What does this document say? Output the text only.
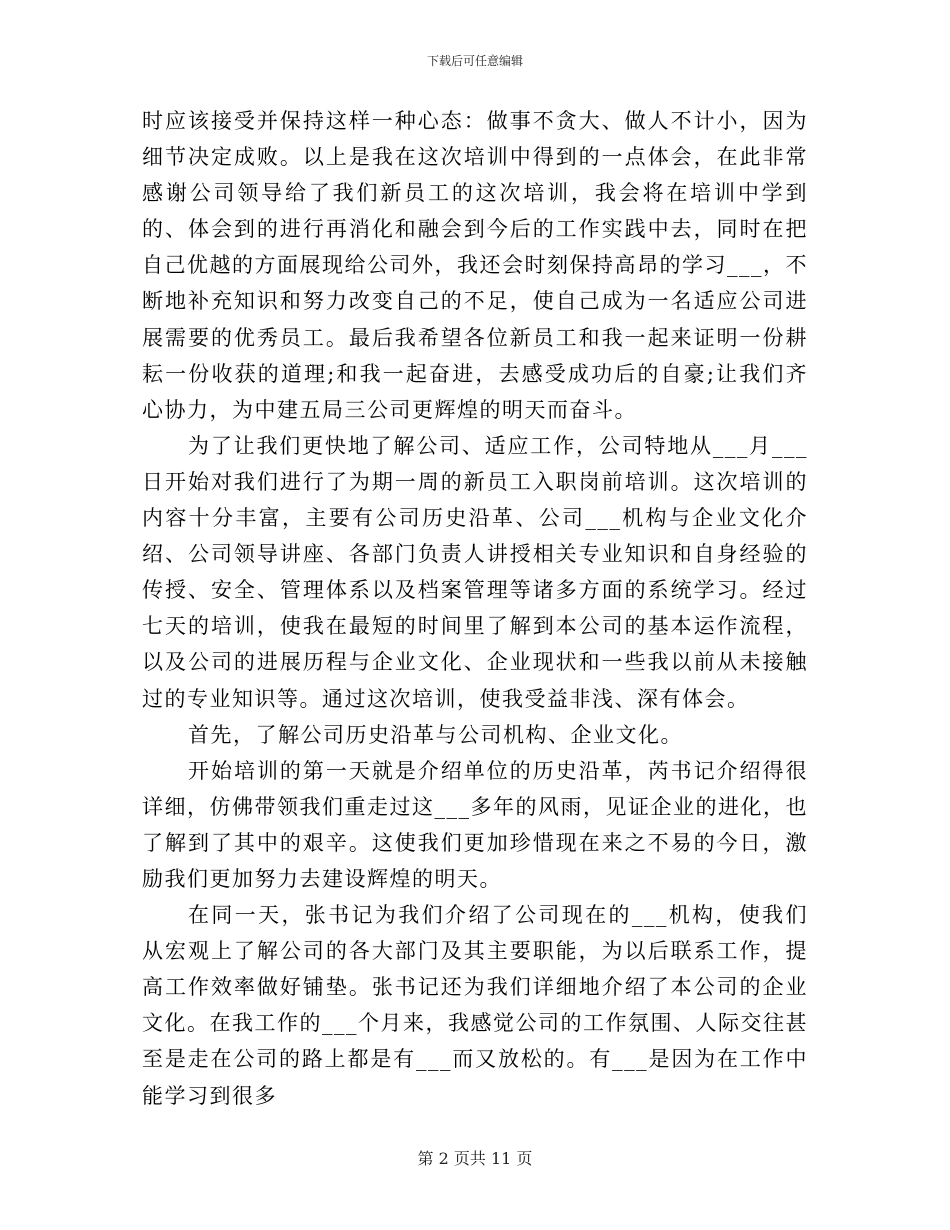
下载后可任意编辑

时应该接受并保持这样一种心态：做事不贪大、做人不计小，因为细节决定成败。以上是我在这次培训中得到的一点体会，在此非常感谢公司领导给了我们新员工的这次培训，我会将在培训中学到的、体会到的进行再消化和融会到今后的工作实践中去，同时在把自己优越的方面展现给公司外，我还会时刻保持高昂的学习___，不断地补充知识和努力改变自己的不足，使自己成为一名适应公司进展需要的优秀员工。最后我希望各位新员工和我一起来证明一份耕耘一份收获的道理;和我一起奋进，去感受成功后的自豪;让我们齐心协力，为中建五局三公司更辉煌的明天而奋斗。

为了让我们更快地了解公司、适应工作，公司特地从___月___日开始对我们进行了为期一周的新员工入职岗前培训。这次培训的内容十分丰富，主要有公司历史沿革、公司___机构与企业文化介绍、公司领导讲座、各部门负责人讲授相关专业知识和自身经验的传授、安全、管理体系以及档案管理等诸多方面的系统学习。经过七天的培训，使我在最短的时间里了解到本公司的基本运作流程，以及公司的进展历程与企业文化、企业现状和一些我以前从未接触过的专业知识等。通过这次培训，使我受益非浅、深有体会。

首先，了解公司历史沿革与公司机构、企业文化。

开始培训的第一天就是介绍单位的历史沿革，芮书记介绍得很详细，仿佛带领我们重走过这___多年的风雨，见证企业的进化，也了解到了其中的艰辛。这使我们更加珍惜现在来之不易的今日，激励我们更加努力去建设辉煌的明天。

在同一天，张书记为我们介绍了公司现在的___机构，使我们从宏观上了解公司的各大部门及其主要职能，为以后联系工作，提高工作效率做好铺垫。张书记还为我们详细地介绍了本公司的企业文化。在我工作的___个月来，我感觉公司的工作氛围、人际交往甚至是走在公司的路上都是有___而又放松的。有___是因为在工作中能学习到很多

第 2 页共 11 页
